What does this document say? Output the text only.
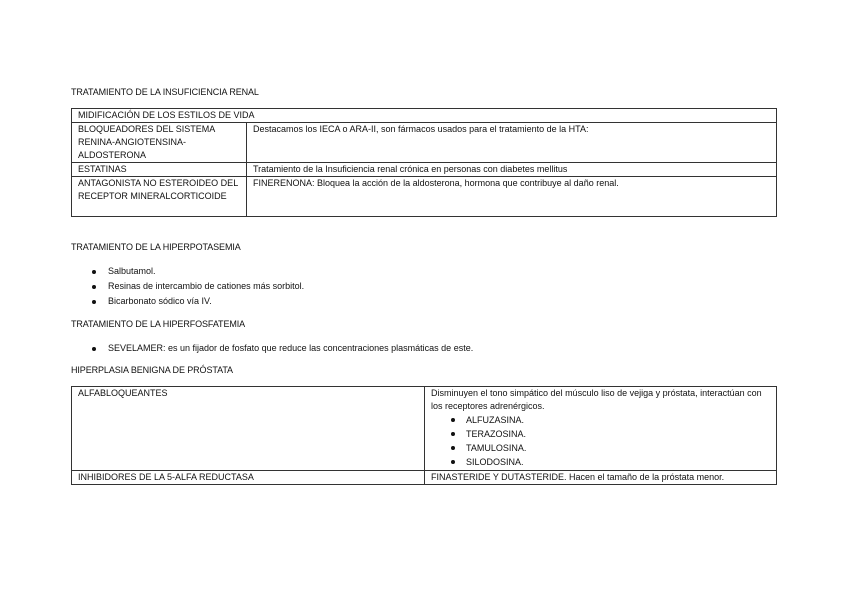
TRATAMIENTO DE LA INSUFICIENCIA RENAL
MIDIFICACIÓN DE LOS ESTILOS DE VIDA	
BLOQUEADORES DEL SISTEMA RENINA-ANGIOTENSINA-ALDOSTERONA	Destacamos los IECA o ARA-II, son fármacos usados para el tratamiento de la HTA:
ESTATINAS	Tratamiento de la Insuficiencia renal crónica en personas con diabetes mellitus
ANTAGONISTA NO ESTEROIDEO DEL RECEPTOR MINERALCORTICOIDE	FINERENONA: Bloquea la acción de la aldosterona, hormona que contribuye al daño renal.
TRATAMIENTO DE LA HIPERPOTASEMIA
Salbutamol.
Resinas de intercambio de cationes más sorbitol.
Bicarbonato sódico vía IV.
TRATAMIENTO DE LA HIPERFOSFATEMIA
SEVELAMER: es un fijador de fosfato que reduce las concentraciones plasmáticas de este.
HIPERPLASIA BENIGNA DE PRÓSTATA
ALFABLOQUEANTES	Disminuyen el tono simpático del músculo liso de vejiga y próstata, interactúan con los receptores adrenérgicos.
ALFUZASINA.
TERAZOSINA.
TAMULOSINA.
SILODOSINA.

INHIBIDORES DE LA 5-ALFA REDUCTASA	FINASTERIDE Y DUTASTERIDE. Hacen el tamaño de la próstata menor.
